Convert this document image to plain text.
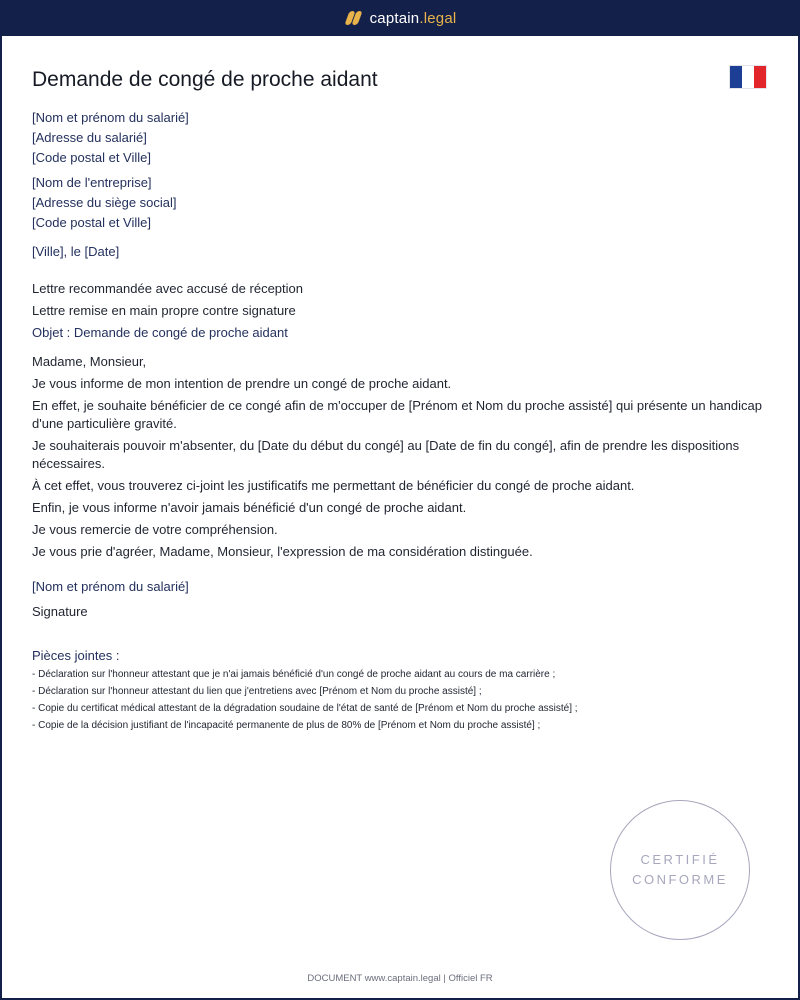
captain.legal
Demande de congé de proche aidant
[Nom et prénom du salarié]
[Adresse du salarié]
[Code postal et Ville]
[Nom de l'entreprise]
[Adresse du siège social]
[Code postal et Ville]
[Ville], le [Date]
Lettre recommandée avec accusé de réception
Lettre remise en main propre contre signature
Objet : Demande de congé de proche aidant

Madame, Monsieur,

Je vous informe de mon intention de prendre un congé de proche aidant.

En effet, je souhaite bénéficier de ce congé afin de m'occuper de [Prénom et Nom du proche assisté] qui présente un handicap d'une particulière gravité.

Je souhaiterais pouvoir m'absenter, du [Date du début du congé] au [Date de fin du congé], afin de prendre les dispositions nécessaires.

À cet effet, vous trouverez ci-joint les justificatifs me permettant de bénéficier du congé de proche aidant.

Enfin, je vous informe n'avoir jamais bénéficié d'un congé de proche aidant.

Je vous remercie de votre compréhension.

Je vous prie d'agréer, Madame, Monsieur, l'expression de ma considération distinguée.

[Nom et prénom du salarié]
Signature
Pièces jointes :
- Déclaration sur l'honneur attestant que je n'ai jamais bénéficié d'un congé de proche aidant au cours de ma carrière ;
- Déclaration sur l'honneur attestant du lien que j'entretiens avec [Prénom et Nom du proche assisté] ;
- Copie du certificat médical attestant de la dégradation soudaine de l'état de santé de [Prénom et Nom du proche assisté] ;
- Copie de la décision justifiant de l'incapacité permanente de plus de 80% de [Prénom et Nom du proche assisté] ;
CERTIFIÉ
CONFORME
DOCUMENT www.captain.legal | Officiel FR
